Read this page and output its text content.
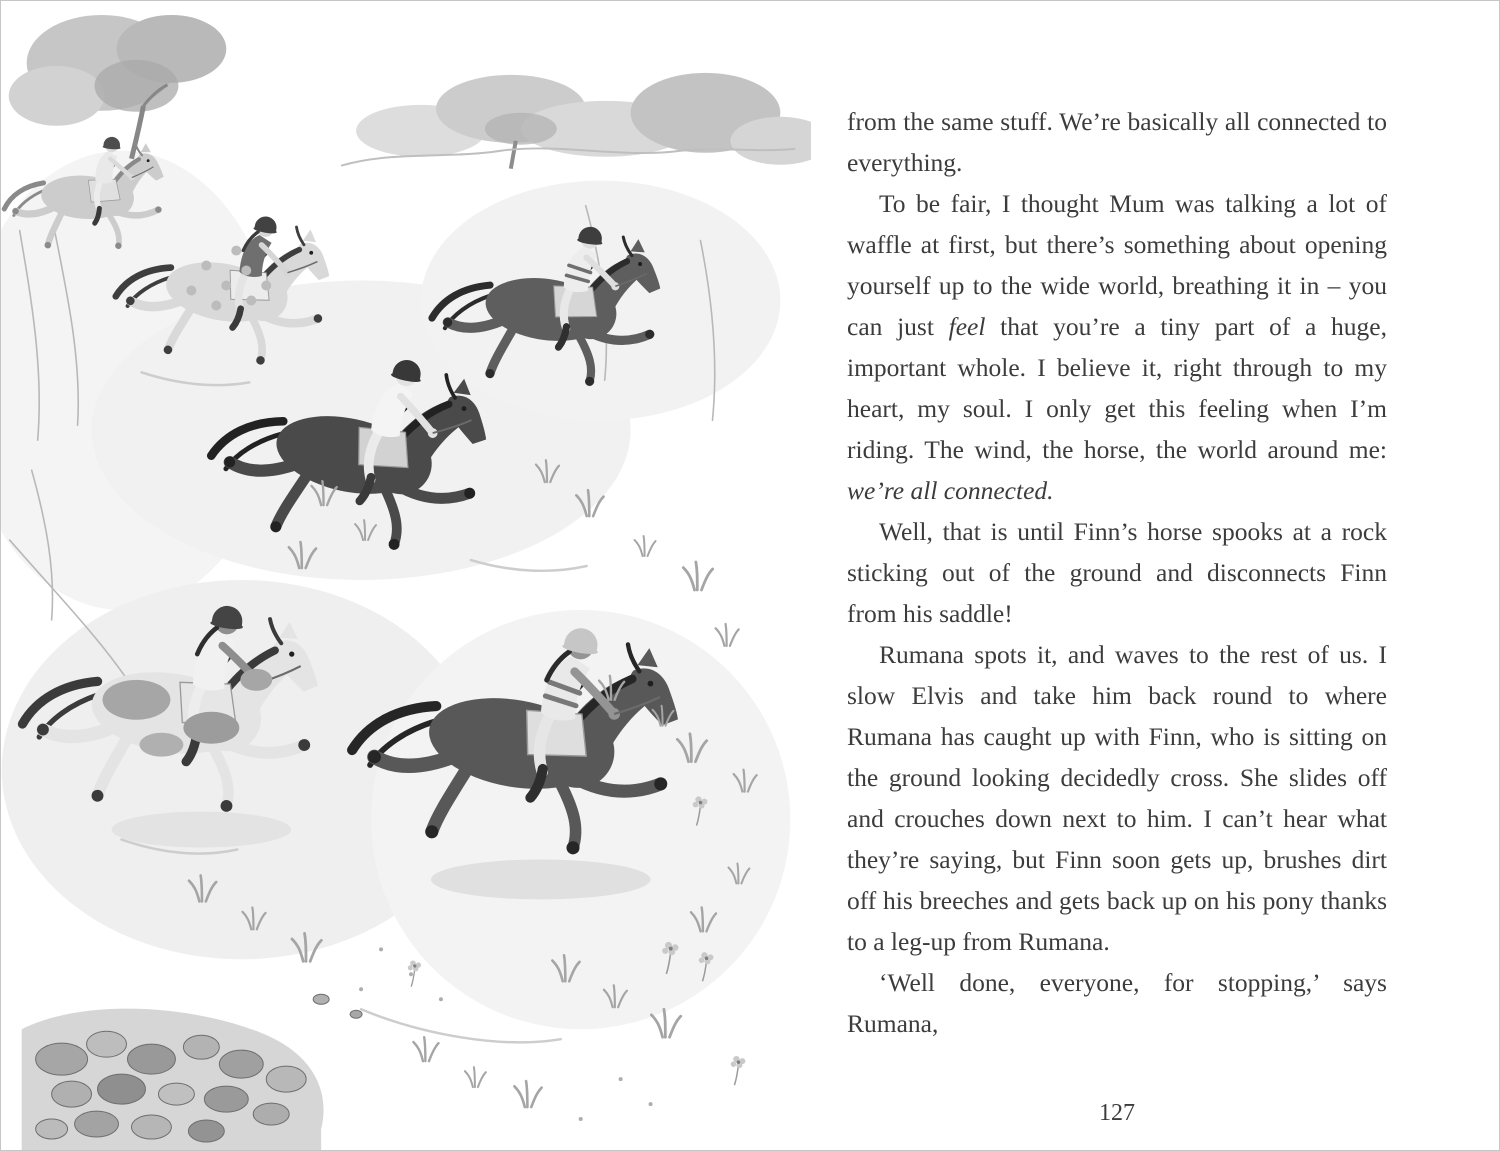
from the same stuff. We’re basically all connected to everything.

To be fair, I thought Mum was talking a lot of waffle at first, but there’s something about opening yourself up to the wide world, breathing it in – you can just feel that you’re a tiny part of a huge, important whole. I believe it, right through to my heart, my soul. I only get this feeling when I’m riding. The wind, the horse, the world around me: we’re all connected.

Well, that is until Finn’s horse spooks at a rock sticking out of the ground and disconnects Finn from his saddle!

Rumana spots it, and waves to the rest of us. I slow Elvis and take him back round to where Rumana has caught up with Finn, who is sitting on the ground looking decidedly cross. She slides off and crouches down next to him. I can’t hear what they’re saying, but Finn soon gets up, brushes dirt off his breeches and gets back up on his pony thanks to a leg-up from Rumana.

‘Well done, everyone, for stopping,’ says Rumana,

127
